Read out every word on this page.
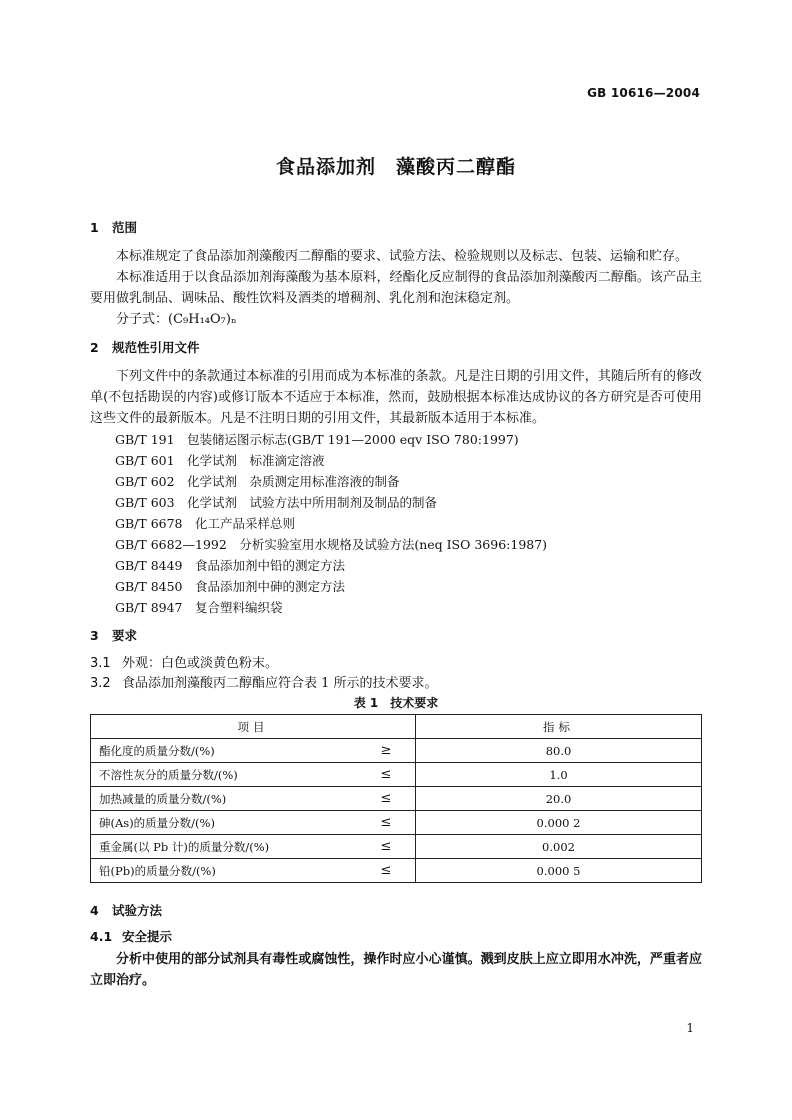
GB 10616—2004
食品添加剂　藻酸丙二醇酯
1 范围

本标准规定了食品添加剂藻酸丙二醇酯的要求、试验方法、检验规则以及标志、包装、运输和贮存。

本标准适用于以食品添加剂海藻酸为基本原料，经酯化反应制得的食品添加剂藻酸丙二醇酯。该产品主要用做乳制品、调味品、酸性饮料及酒类的增稠剂、乳化剂和泡沫稳定剂。

分子式：(C₉H₁₄O₇)ₙ

2 规范性引用文件

下列文件中的条款通过本标准的引用而成为本标准的条款。凡是注日期的引用文件，其随后所有的修改单(不包括勘误的内容)或修订版本不适应于本标准，然而，鼓励根据本标准达成协议的各方研究是否可使用这些文件的最新版本。凡是不注明日期的引用文件，其最新版本适用于本标准。

GB/T 191　包装储运图示标志(GB/T 191—2000 eqv ISO 780:1997)

GB/T 601　化学试剂　标准滴定溶液

GB/T 602　化学试剂　杂质测定用标准溶液的制备

GB/T 603　化学试剂　试验方法中所用制剂及制品的制备

GB/T 6678　化工产品采样总则

GB/T 6682—1992　分析实验室用水规格及试验方法(neq ISO 3696:1987)

GB/T 8449　食品添加剂中铅的测定方法

GB/T 8450　食品添加剂中砷的测定方法

GB/T 8947　复合塑料编织袋

3 要求

3.1 外观：白色或淡黄色粉末。

3.2 食品添加剂藻酸丙二醇酯应符合表 1 所示的技术要求。

表 1　技术要求
项目		指标
酯化度的质量分数/(%)	≥	80.0
不溶性灰分的质量分数/(%)	≤	1.0
加热减量的质量分数/(%)	≤	20.0
砷(As)的质量分数/(%)	≤	0.000 2
重金属(以 Pb 计)的质量分数/(%)	≤	0.002
铅(Pb)的质量分数/(%)	≤	0.000 5
4 试验方法
4.1 安全提示

分析中使用的部分试剂具有毒性或腐蚀性，操作时应小心谨慎。溅到皮肤上应立即用水冲洗，严重者应立即治疗。

1
